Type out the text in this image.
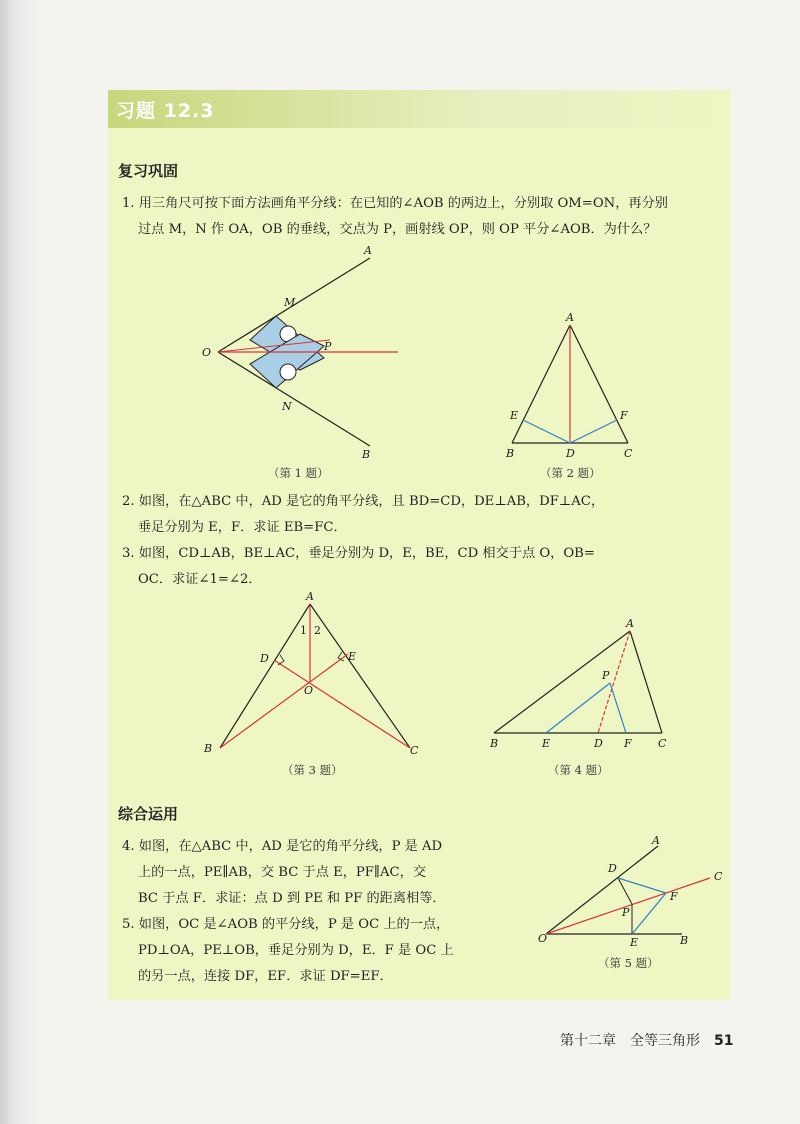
习题 12.3
复习巩固
1. 用三角尺可按下面方法画角平分线：在已知的∠AOB 的两边上，分别取 OM=ON，再分别
过点 M，N 作 OA，OB 的垂线，交点为 P，画射线 OP，则 OP 平分∠AOB．为什么？
A
B
O
M
N
P
（第 1 题）
A
B	C
D
E	F
（第 2 题）
2. 如图，在△ABC 中，AD 是它的角平分线，且 BD=CD，DE⊥AB，DF⊥AC，
垂足分别为 E，F．求证 EB=FC．
3. 如图，CD⊥AB，BE⊥AC，垂足分别为 D，E，BE，CD 相交于点 O，OB=
OC．求证∠1=∠2．
A
B	C
D	E
O
1 2
（第 3 题）
A
B	C
D
E	F
P
（第 4 题）
综合运用
4. 如图，在△ABC 中，AD 是它的角平分线，P 是 AD
上的一点，PE∥AB，交 BC 于点 E，PF∥AC，交
BC 于点 F．求证：点 D 到 PE 和 PF 的距离相等．
5. 如图，OC 是∠AOB 的平分线，P 是 OC 上的一点，
PD⊥OA，PE⊥OB，垂足分别为 D，E．F 是 OC 上
的另一点，连接 DF，EF．求证 DF=EF．
A
B
C
D
E
F
O
P
（第 5 题）
第十二章　全等三角形 51
